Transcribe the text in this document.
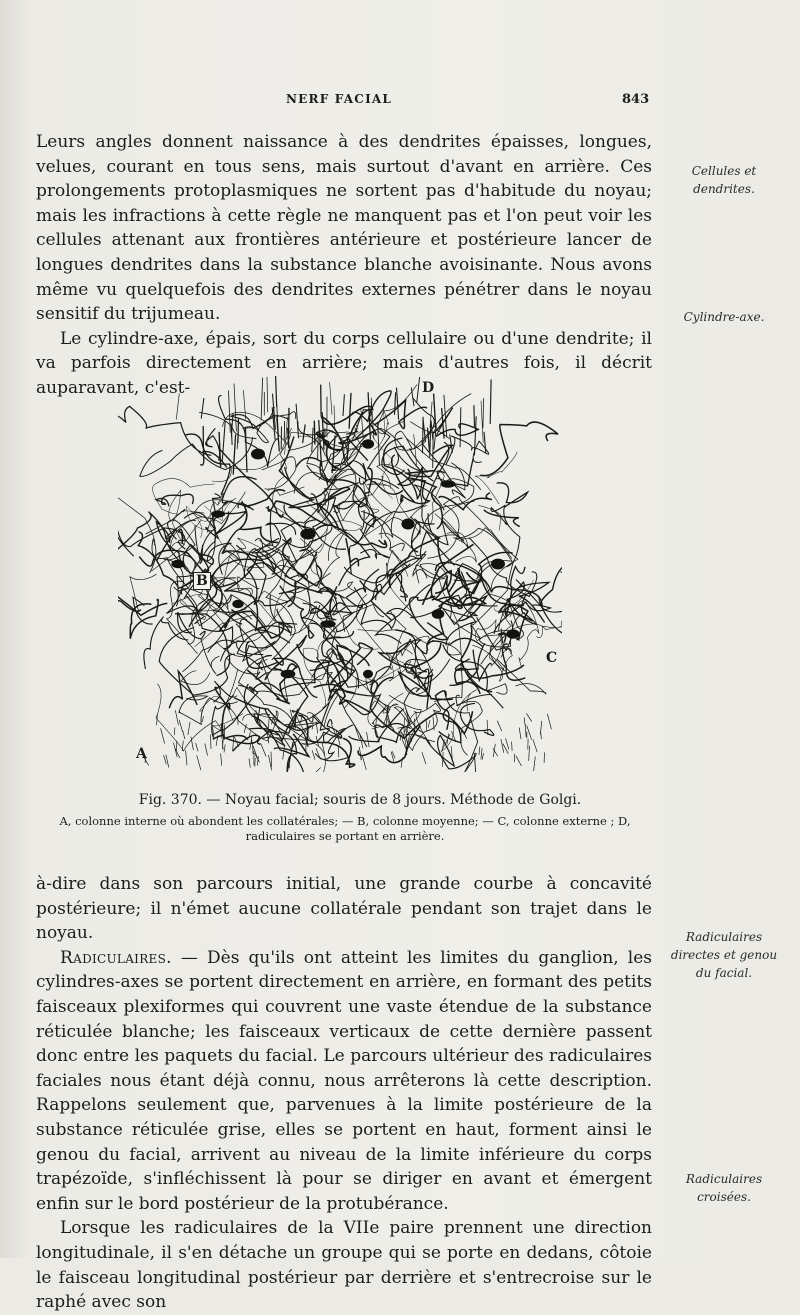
NERF FACIAL	843

Leurs angles donnent naissance à des dendrites épaisses, longues, velues, courant en tous sens, mais surtout d'avant en arrière. Ces prolongements protoplasmiques ne sortent pas d'habitude du noyau; mais les infractions à cette règle ne manquent pas et l'on peut voir les cellules attenant aux frontières antérieure et postérieure lancer de longues dendrites dans la substance blanche avoisinante. Nous avons même vu quelquefois des dendrites externes pénétrer dans le noyau sensitif du trijumeau.

Le cylindre-axe, épais, sort du corps cellulaire ou d'une dendrite; il va parfois directement en arrière; mais d'autres fois, il décrit auparavant, c'est-

Cellules et dendrites.
Cylindre-axe.
D
B
C
A
Fig. 370. — Noyau facial; souris de 8 jours. Méthode de Golgi.
A, colonne interne où abondent les collatérales; — B, colonne moyenne; — C, colonne externe ; D, radiculaires se portant en arrière.

à-dire dans son parcours initial, une grande courbe à concavité postérieure; il n'émet aucune collatérale pendant son trajet dans le noyau.

Radiculaires. — Dès qu'ils ont atteint les limites du ganglion, les cylindres-axes se portent directement en arrière, en formant des petits faisceaux plexiformes qui couvrent une vaste étendue de la substance réticulée blanche; les faisceaux verticaux de cette dernière passent donc entre les paquets du facial. Le parcours ultérieur des radiculaires faciales nous étant déjà connu, nous arrêterons là cette description. Rappelons seulement que, parvenues à la limite postérieure de la substance réticulée grise, elles se portent en haut, forment ainsi le genou du facial, arrivent au niveau de la limite inférieure du corps trapézoïde, s'infléchissent là pour se diriger en avant et émergent enfin sur le bord postérieur de la protubérance.

Lorsque les radiculaires de la VIIe paire prennent une direction longitudinale, il s'en détache un groupe qui se porte en dedans, côtoie le faisceau longitudinal postérieur par derrière et s'entrecroise sur le raphé avec son

Radiculaires directes et genou du facial.
Radiculaires croisées.
